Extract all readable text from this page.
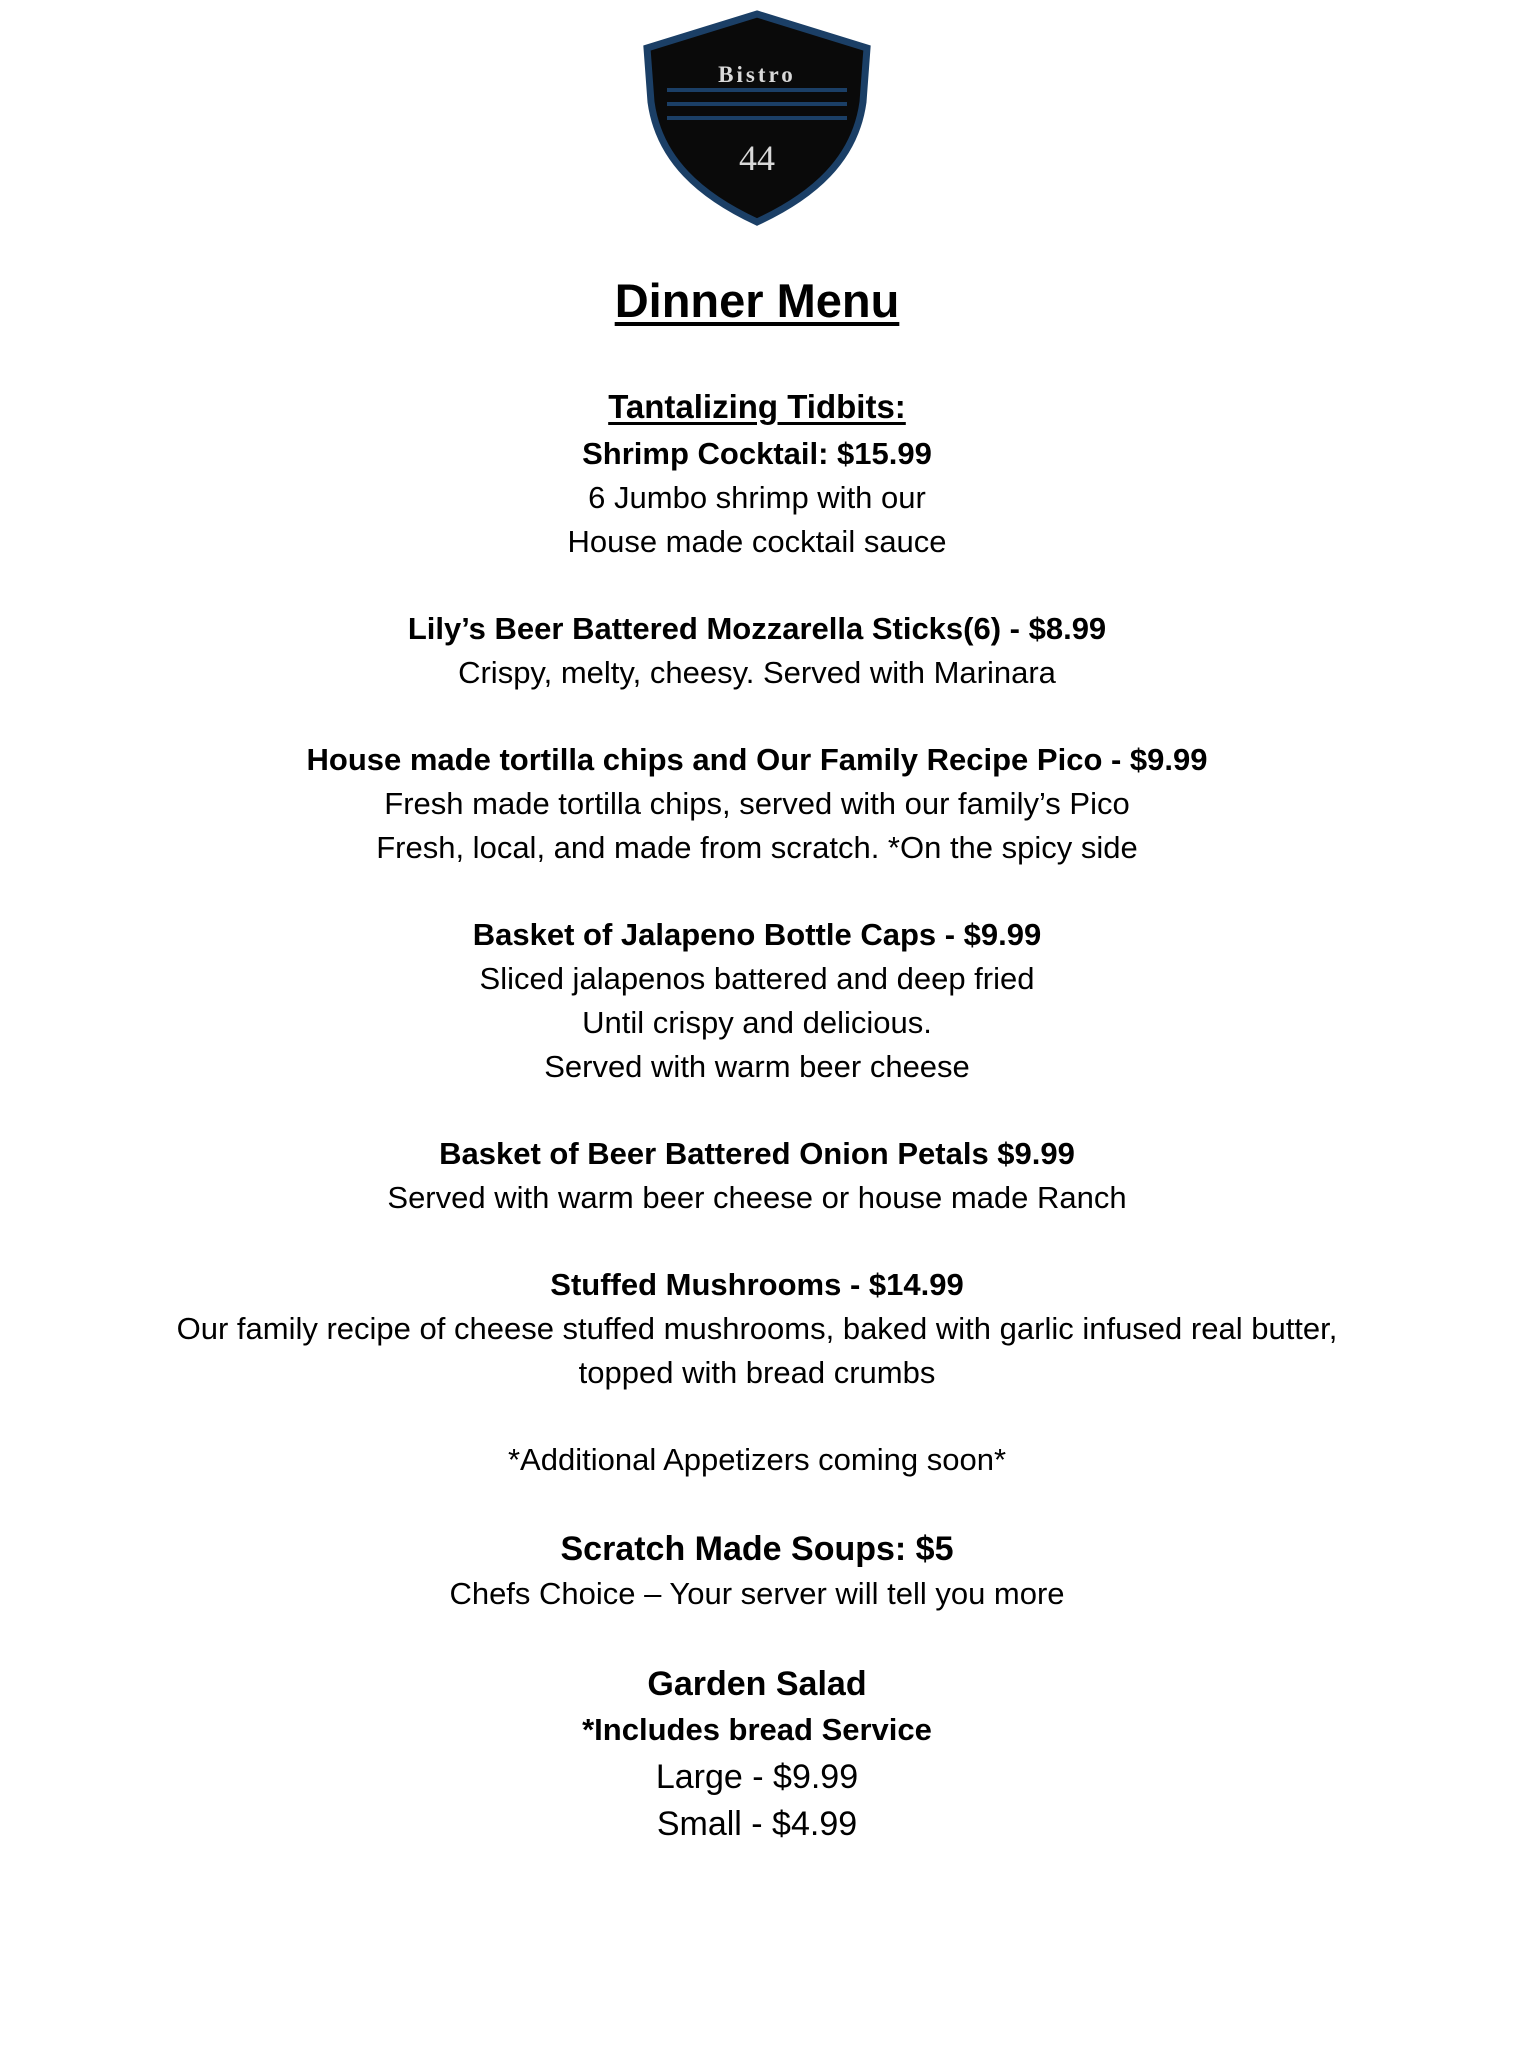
Bistro
44
Dinner Menu
Tantalizing Tidbits:
Shrimp Cocktail: $15.99
6 Jumbo shrimp with our
House made cocktail sauce
Lily’s Beer Battered Mozzarella Sticks(6) - $8.99
Crispy, melty, cheesy. Served with Marinara
House made tortilla chips and Our Family Recipe Pico - $9.99
Fresh made tortilla chips, served with our family’s Pico
Fresh, local, and made from scratch. *On the spicy side
Basket of Jalapeno Bottle Caps - $9.99
Sliced jalapenos battered and deep fried
Until crispy and delicious.
Served with warm beer cheese
Basket of Beer Battered Onion Petals $9.99
Served with warm beer cheese or house made Ranch
Stuffed Mushrooms - $14.99
Our family recipe of cheese stuffed mushrooms, baked with garlic infused real butter,
topped with bread crumbs
*Additional Appetizers coming soon*
Scratch Made Soups: $5
Chefs Choice – Your server will tell you more
Garden Salad
*Includes bread Service
Large - $9.99
Small - $4.99
